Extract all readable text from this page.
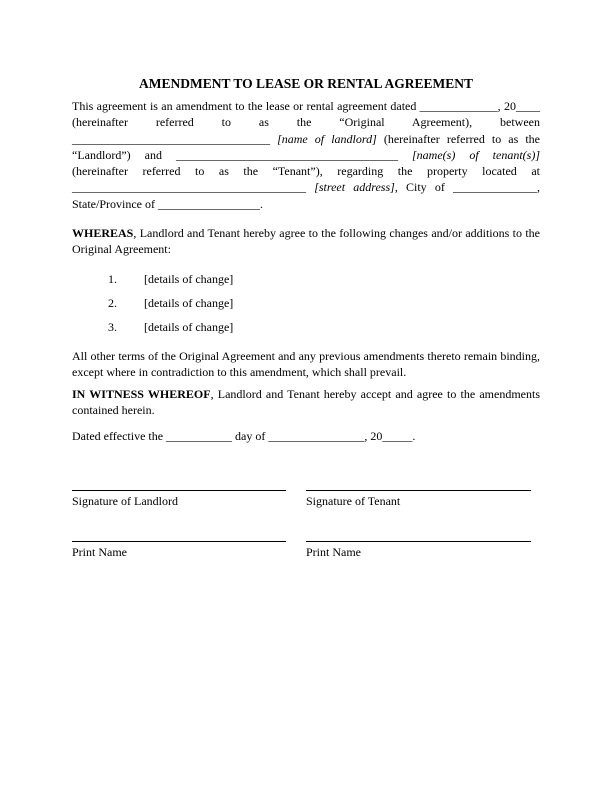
AMENDMENT TO LEASE OR RENTAL AGREEMENT

This agreement is an amendment to the lease or rental agreement dated _____________, 20____ (hereinafter referred to as the “Original Agreement), between _________________________________ [name of landlord] (hereinafter referred to as the “Landlord”) and _____________________________________ [name(s) of tenant(s)] (hereinafter referred to as the “Tenant”), regarding the property located at _______________________________________ [street address], City of ______________, State/Province of _________________.

WHEREAS, Landlord and Tenant hereby agree to the following changes and/or additions to the Original Agreement:

1.	[details of change]
2.	[details of change]
3.	[details of change]

All other terms of the Original Agreement and any previous amendments thereto remain binding, except where in contradiction to this amendment, which shall prevail.

IN WITNESS WHEREOF, Landlord and Tenant hereby accept and agree to the amendments contained herein.

Dated effective the ___________ day of ________________, 20_____.

Signature of Landlord
Print Name
Signature of Tenant
Print Name
